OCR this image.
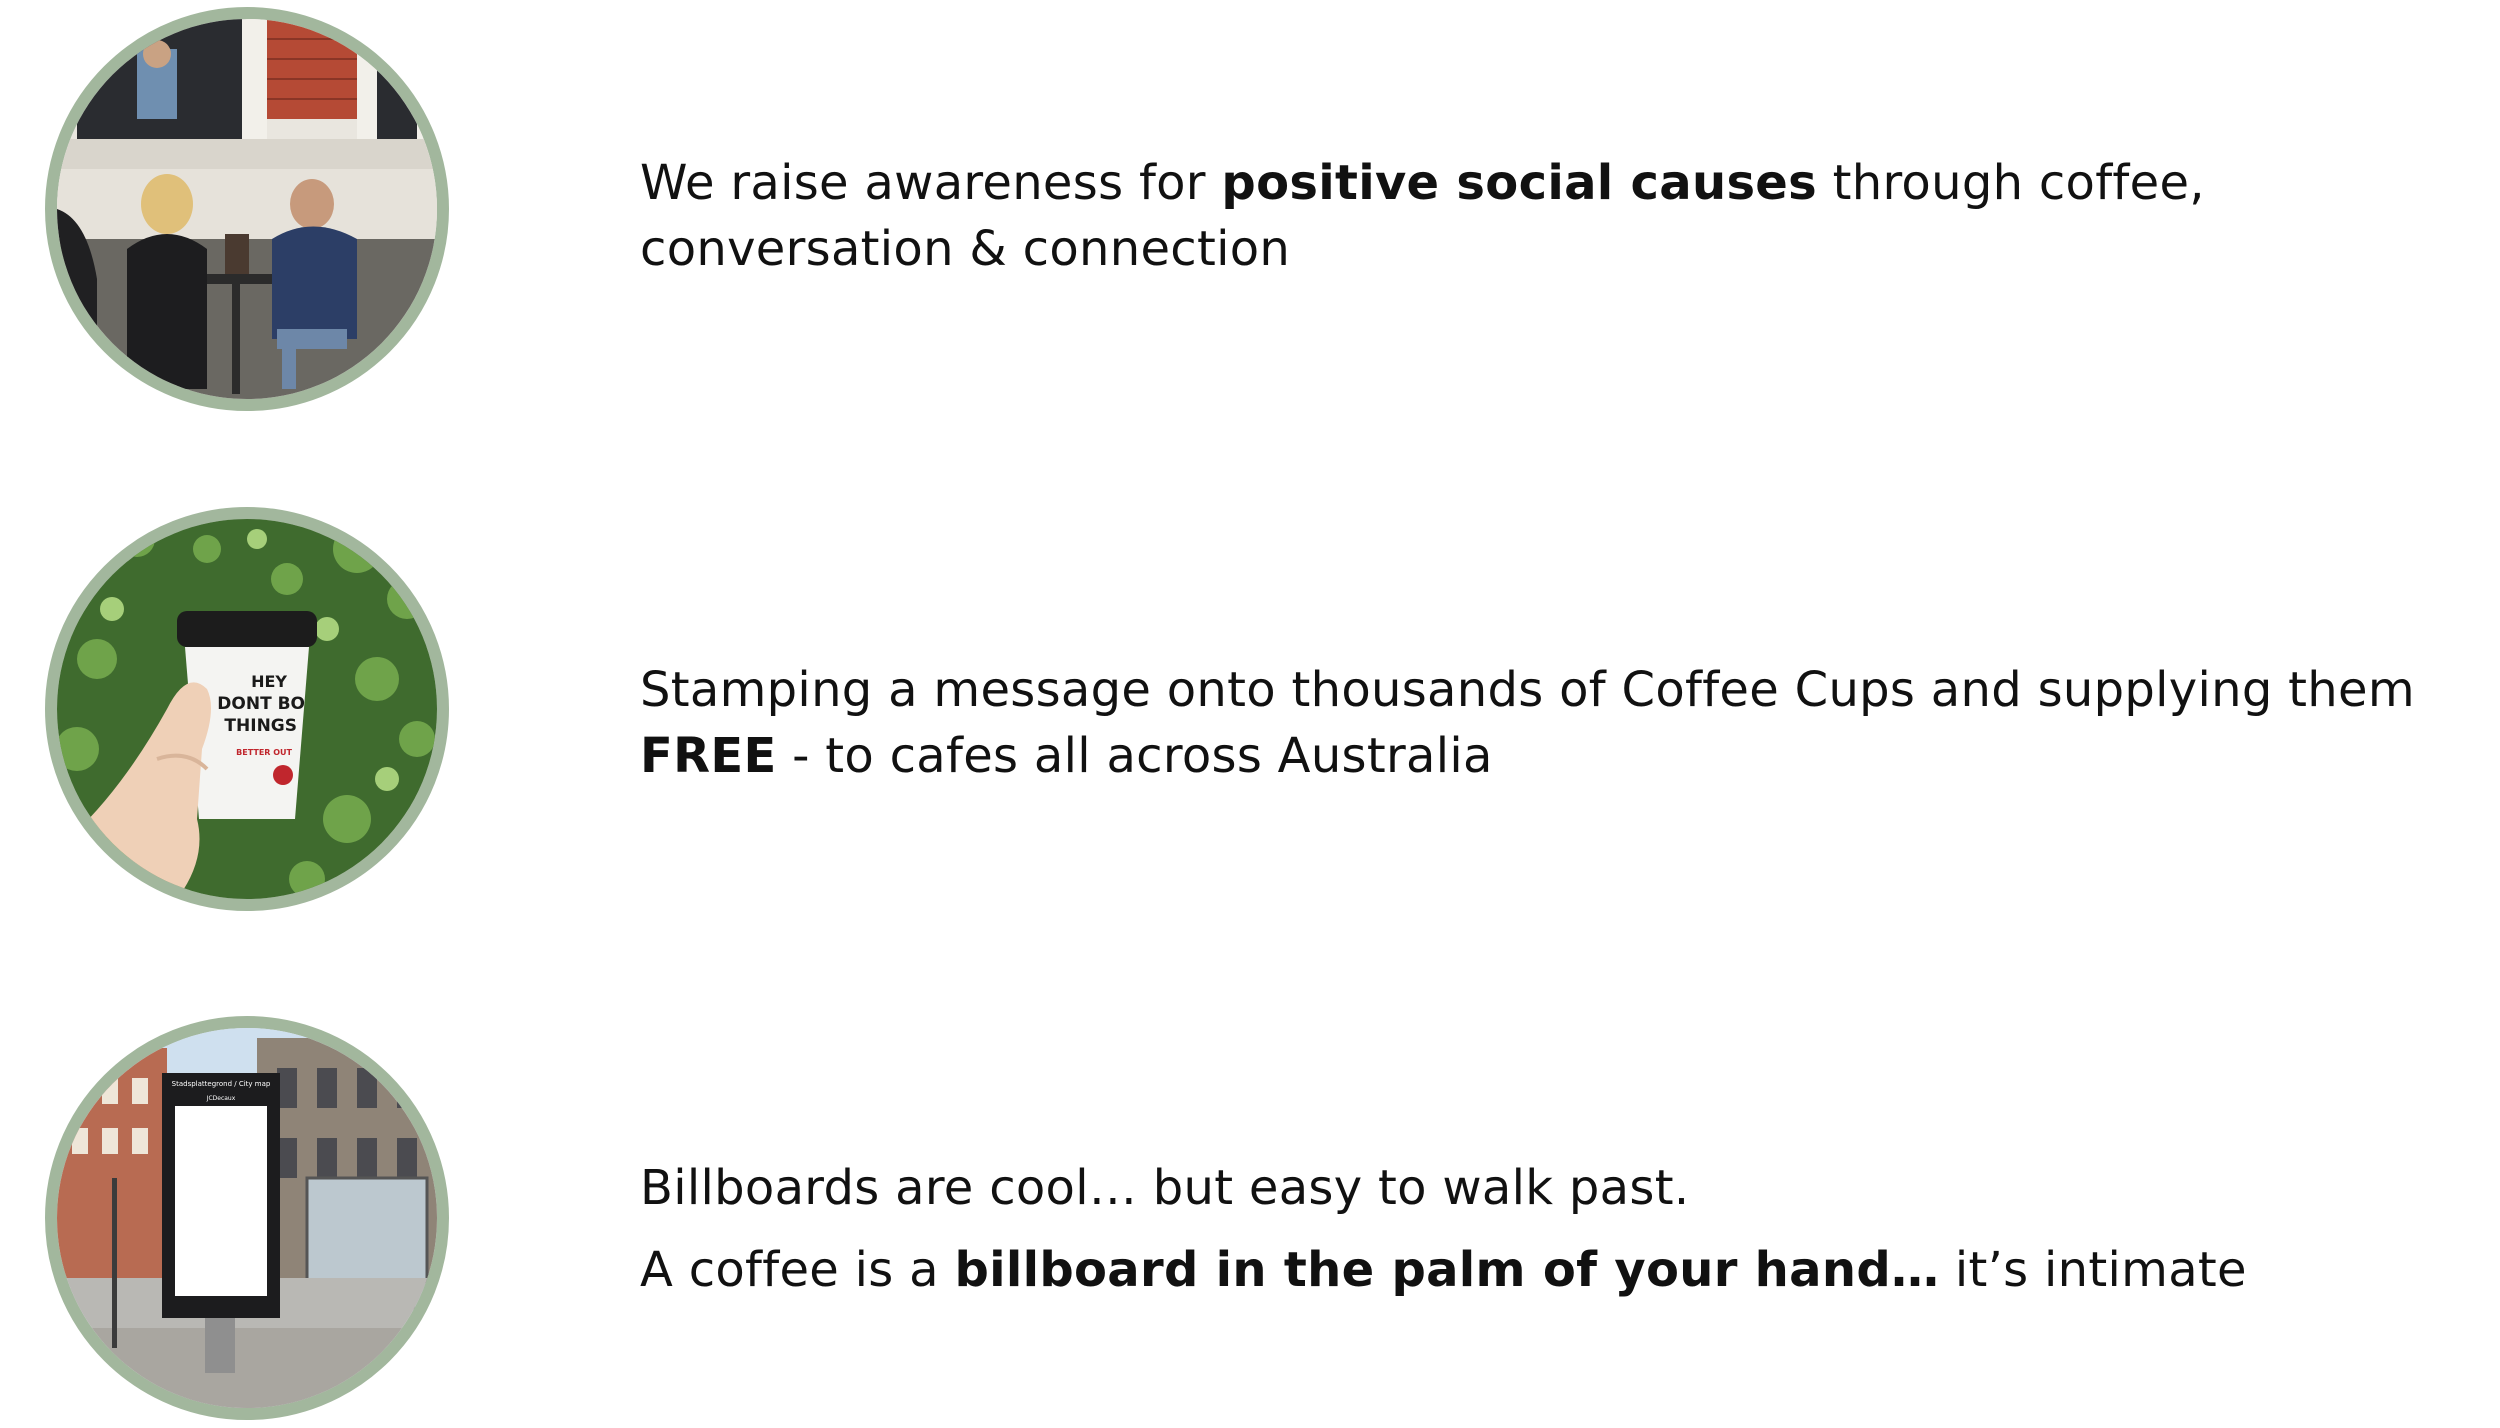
We raise awareness for positive social causes through coffee, conversation & connection

HEY
DONT BO
THINGS
BETTER OUT

Stamping a message onto thousands of Coffee Cups and supplying them FREE - to cafes all across Australia

Stadsplattegrond / City map
JCDecaux

Billboards are cool… but easy to walk past.

A coffee is a billboard in the palm of your hand… it’s intimate
